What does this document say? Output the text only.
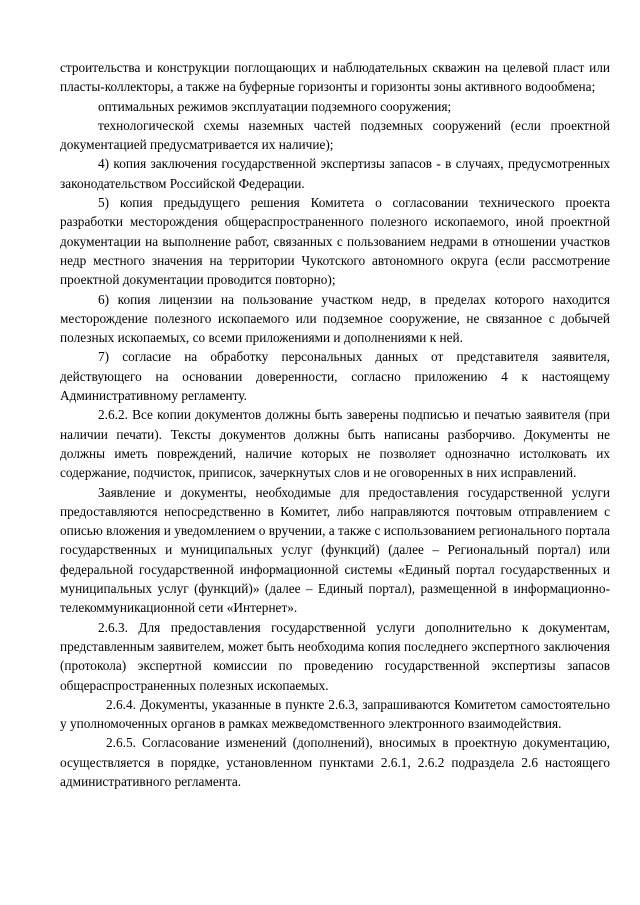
строительства и конструкции поглощающих и наблюдательных скважин на целевой пласт или пласты-коллекторы, а также на буферные горизонты и горизонты зоны активного водообмена;

оптимальных режимов эксплуатации подземного сооружения;

технологической схемы наземных частей подземных сооружений (если проектной документацией предусматривается их наличие);

4) копия заключения государственной экспертизы запасов - в случаях, предусмотренных законодательством Российской Федерации.

5) копия предыдущего решения Комитета о согласовании технического проекта разработки месторождения общераспространенного полезного ископаемого, иной проектной документации на выполнение работ, связанных с пользованием недрами в отношении участков недр местного значения на территории Чукотского автономного округа (если рассмотрение проектной документации проводится повторно);

6) копия лицензии на пользование участком недр, в пределах которого находится месторождение полезного ископаемого или подземное сооружение, не связанное с добычей полезных ископаемых, со всеми приложениями и дополнениями к ней.

7) согласие на обработку персональных данных от представителя заявителя, действующего на основании доверенности, согласно приложению 4 к настоящему Административному регламенту.

2.6.2. Все копии документов должны быть заверены подписью и печатью заявителя (при наличии печати). Тексты документов должны быть написаны разборчиво. Документы не должны иметь повреждений, наличие которых не позволяет однозначно истолковать их содержание, подчисток, приписок, зачеркнутых слов и не оговоренных в них исправлений.

Заявление и документы, необходимые для предоставления государственной услуги предоставляются непосредственно в Комитет, либо направляются почтовым отправлением с описью вложения и уведомлением о вручении, а также с использованием регионального портала государственных и муниципальных услуг (функций) (далее – Региональный портал) или федеральной государственной информационной системы «Единый портал государственных и муниципальных услуг (функций)» (далее – Единый портал), размещенной в информационно-телекоммуникационной сети «Интернет».

2.6.3. Для предоставления государственной услуги дополнительно к документам, представленным заявителем, может быть необходима копия последнего экспертного заключения (протокола) экспертной комиссии по проведению государственной экспертизы запасов общераспространенных полезных ископаемых.

2.6.4. Документы, указанные в пункте 2.6.3, запрашиваются Комитетом самостоятельно у уполномоченных органов в рамках межведомственного электронного взаимодействия.

2.6.5. Согласование изменений (дополнений), вносимых в проектную документацию, осуществляется в порядке, установленном пунктами 2.6.1, 2.6.2 подраздела 2.6 настоящего административного регламента.
